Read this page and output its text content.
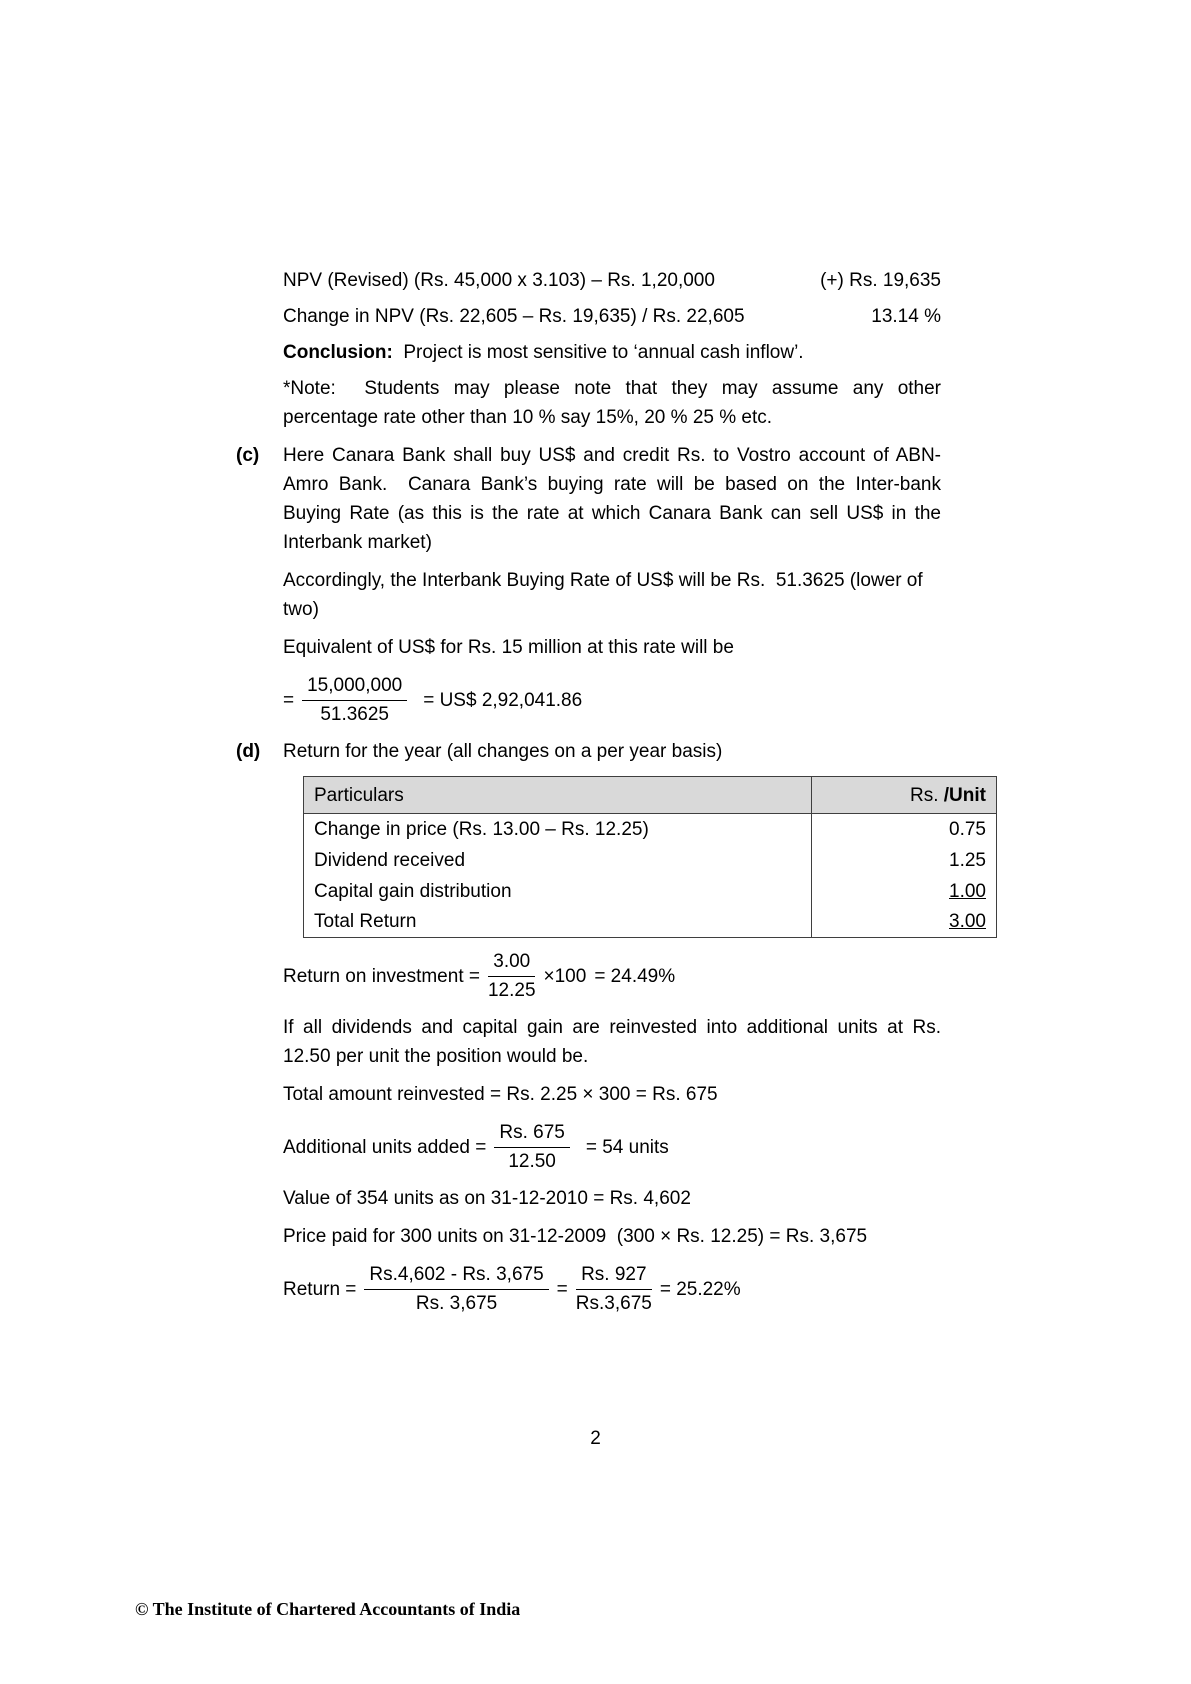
NPV (Revised) (Rs. 45,000 x 3.103) – Rs. 1,20,000	(+) Rs. 19,635
Change in NPV (Rs. 22,605 – Rs. 19,635) / Rs. 22,605	13.14 %

Conclusion:  Project is most sensitive to ‘annual cash inflow’.

*Note:  Students may please note that they may assume any other percentage rate other than 10 % say 15%, 20 % 25 % etc.

(c) Here Canara Bank shall buy US$ and credit Rs. to Vostro account of ABN-Amro Bank.  Canara Bank’s buying rate will be based on the Inter-bank Buying Rate (as this is the rate at which Canara Bank can sell US$ in the Interbank market)

Accordingly, the Interbank Buying Rate of US$ will be Rs.  51.3625 (lower of two)

Equivalent of US$ for Rs. 15 million at this rate will be

= $\frac{15,000,000}{51.3625}$ = US$ 2,92,041.86
(d) Return for the year (all changes on a per year basis)

Particulars	Rs. /Unit
Change in price (Rs. 13.00 – Rs. 12.25)	0.75
Dividend received	1.25
Capital gain distribution	1.00
Total Return	3.00
Return on investment = $\frac{3.00}{12.25} \times 100 = 24.49\%$

If all dividends and capital gain are reinvested into additional units at Rs. 12.50 per unit the position would be.

Total amount reinvested = Rs. 2.25 × 300 = Rs. 675

Additional units added = $\frac{Rs. 675}{12.50} = 54$ units

Value of 354 units as on 31-12-2010 = Rs. 4,602

Price paid for 300 units on 31-12-2009  (300 × Rs. 12.25) = Rs. 3,675

Return = $\frac{Rs.4,602 - Rs. 3,675}{Rs. 3,675} = \frac{Rs. 927}{Rs.3,675} = 25.22\%$
2
© The Institute of Chartered Accountants of India
